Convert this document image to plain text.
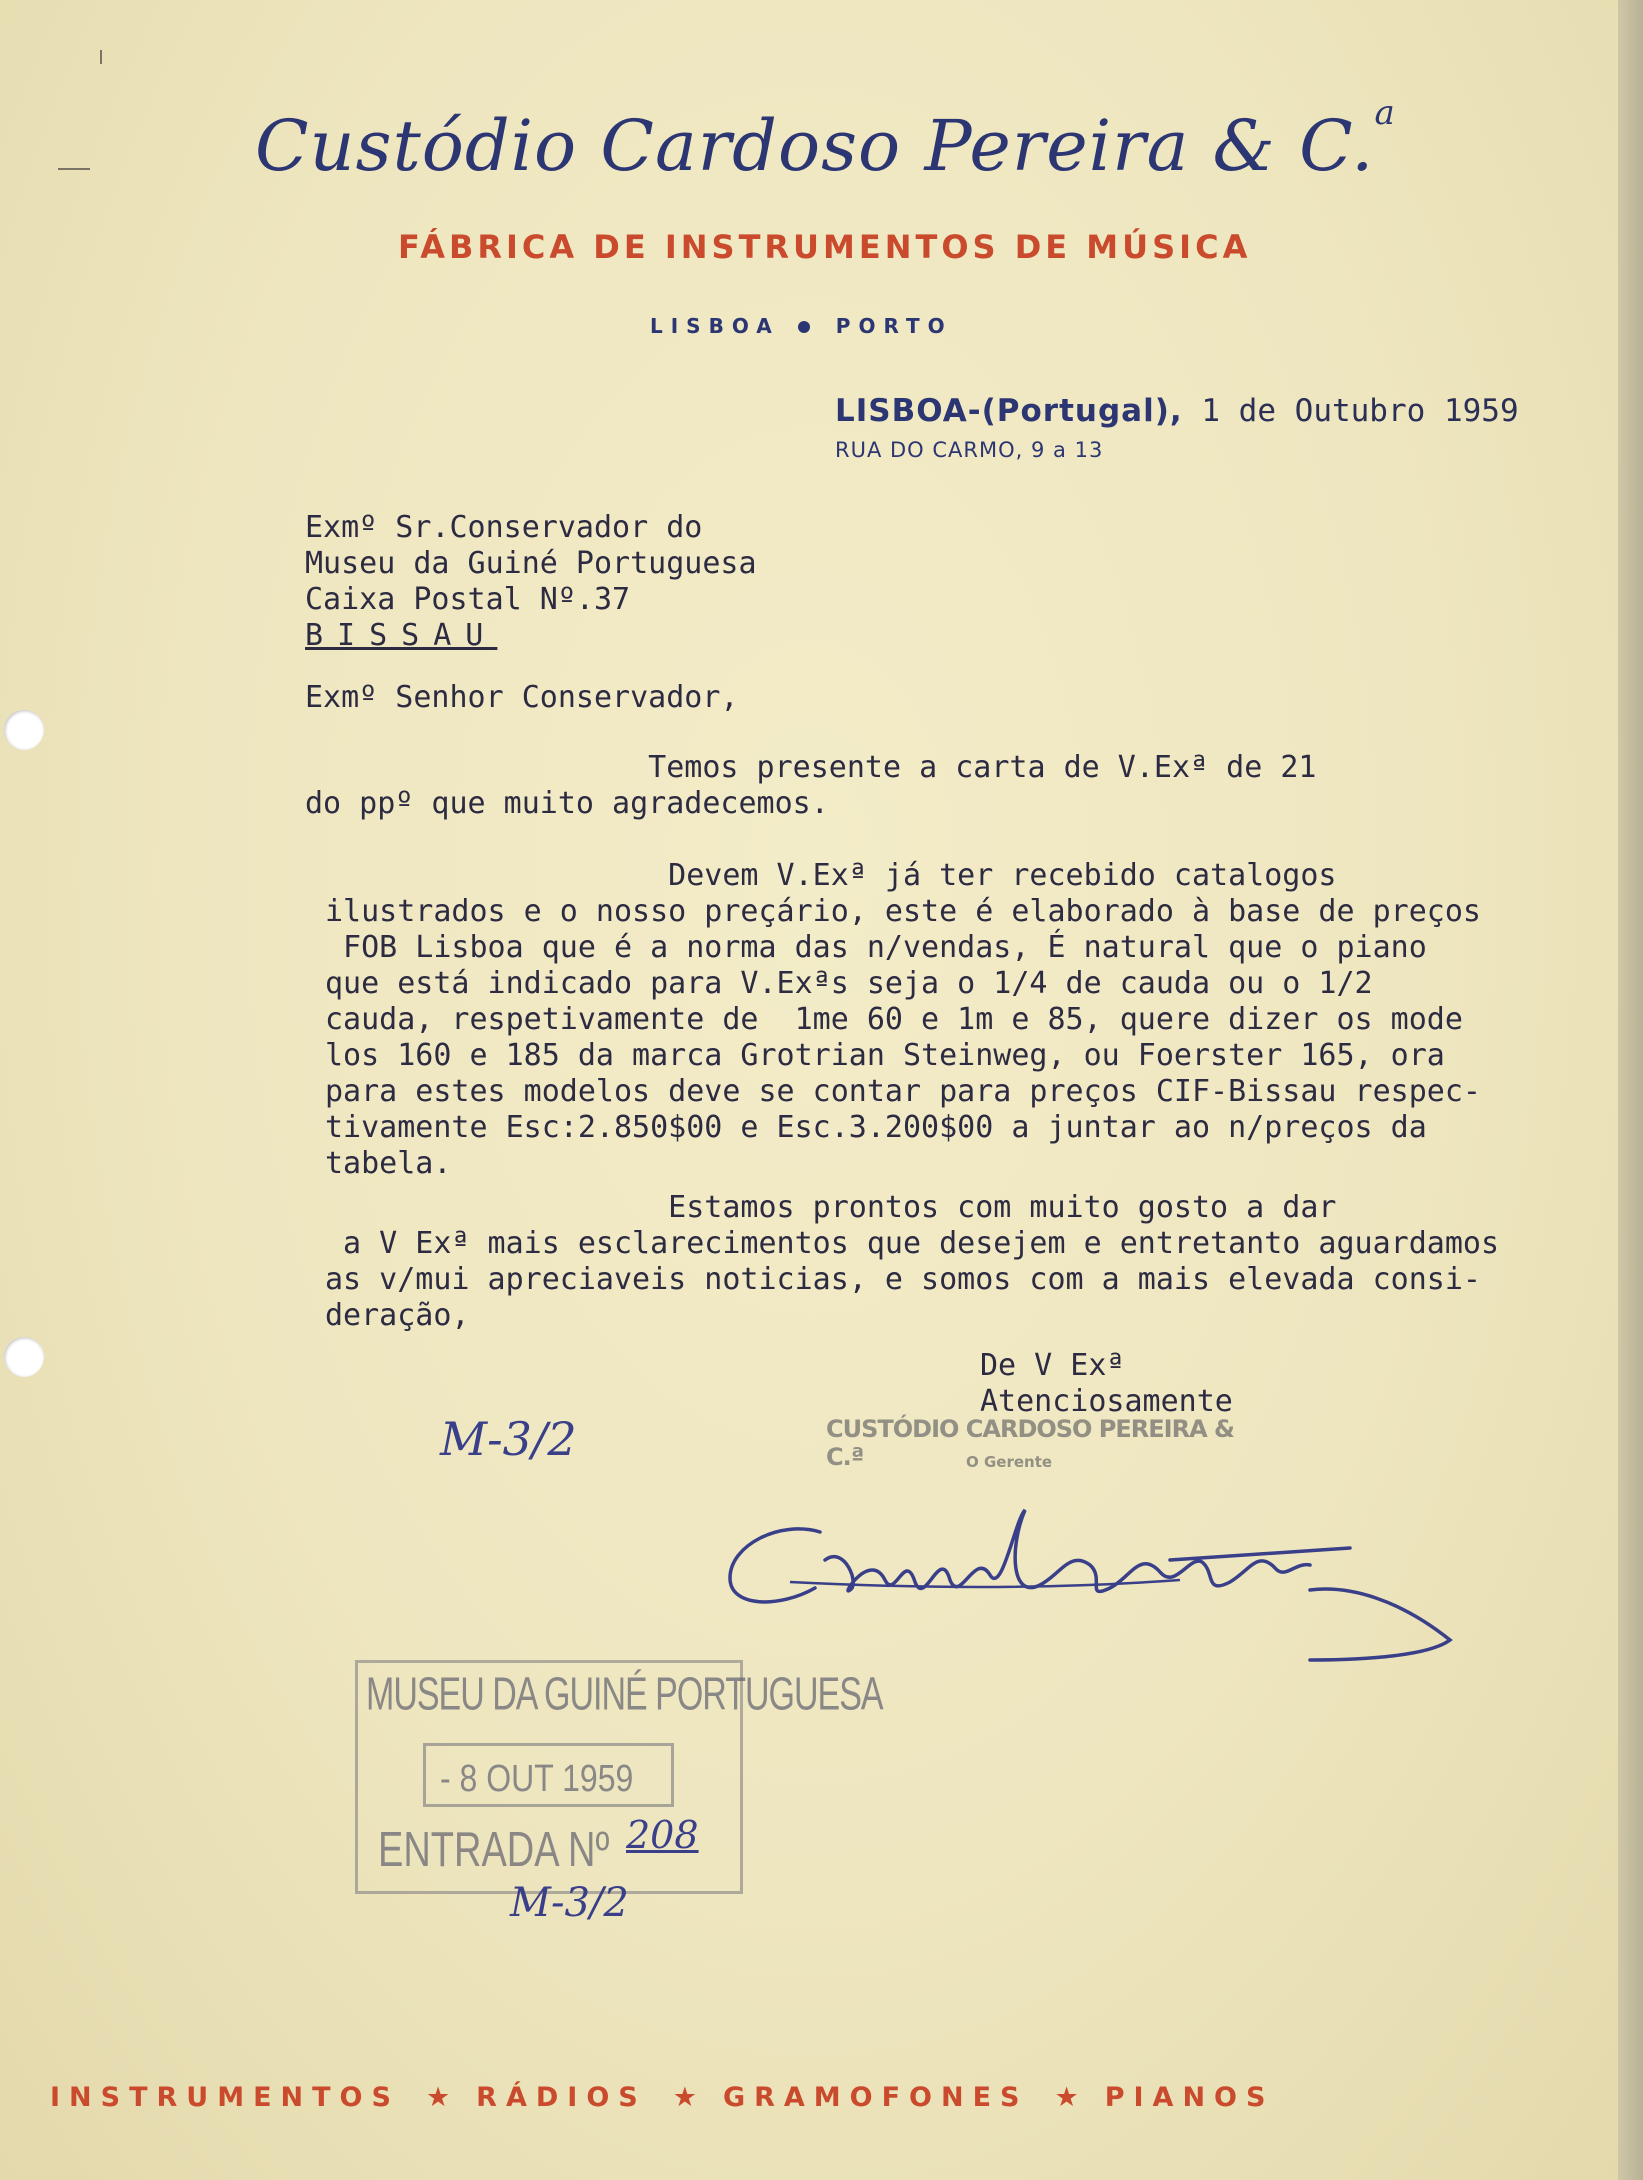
Custódio Cardoso Pereira & C.$^a$
FÁBRICA DE INSTRUMENTOS DE MÚSICA
LISBOA	PORTO
LISBOA-(Portugal), 1 de Outubro 1959
RUA DO CARMO, 9 a 13
Exmº Sr.Conservador do
Museu da Guiné Portuguesa
Caixa Postal Nº.37
BISSAU
Exmº Senhor Conservador,
Temos presente a carta de V.Exª de 21
do ppº que muito agradecemos.
Devem V.Exª já ter recebido catalogos
ilustrados e o nosso preçário, este é elaborado à base de preços
FOB Lisboa que é a norma das n/vendas, É natural que o piano
que está indicado para V.Exªs seja o 1/4 de cauda ou o 1/2
cauda, respetivamente de  1me 60 e 1m e 85, quere dizer os mode
los 160 e 185 da marca Grotrian Steinweg, ou Foerster 165, ora
para estes modelos deve se contar para preços CIF-Bissau respec-
tivamente Esc:2.850$00 e Esc.3.200$00 a juntar ao n/preços da
tabela.
Estamos prontos com muito gosto a dar
a V Exª mais esclarecimentos que desejem e entretanto aguardamos
as v/mui apreciaveis noticias, e somos com a mais elevada consi-
deração,
De V Exª
Atenciosamente
CUSTÓDIO CARDOSO PEREIRA & C.ª	O Gerente
M-3/2
MUSEU DA GUINÉ PORTUGUESA
- 8 OUT 1959
ENTRADA Nº 208
M-3/2
INSTRUMENTOS ★ RÁDIOS ★ GRAMOFONES ★ PIANOS
